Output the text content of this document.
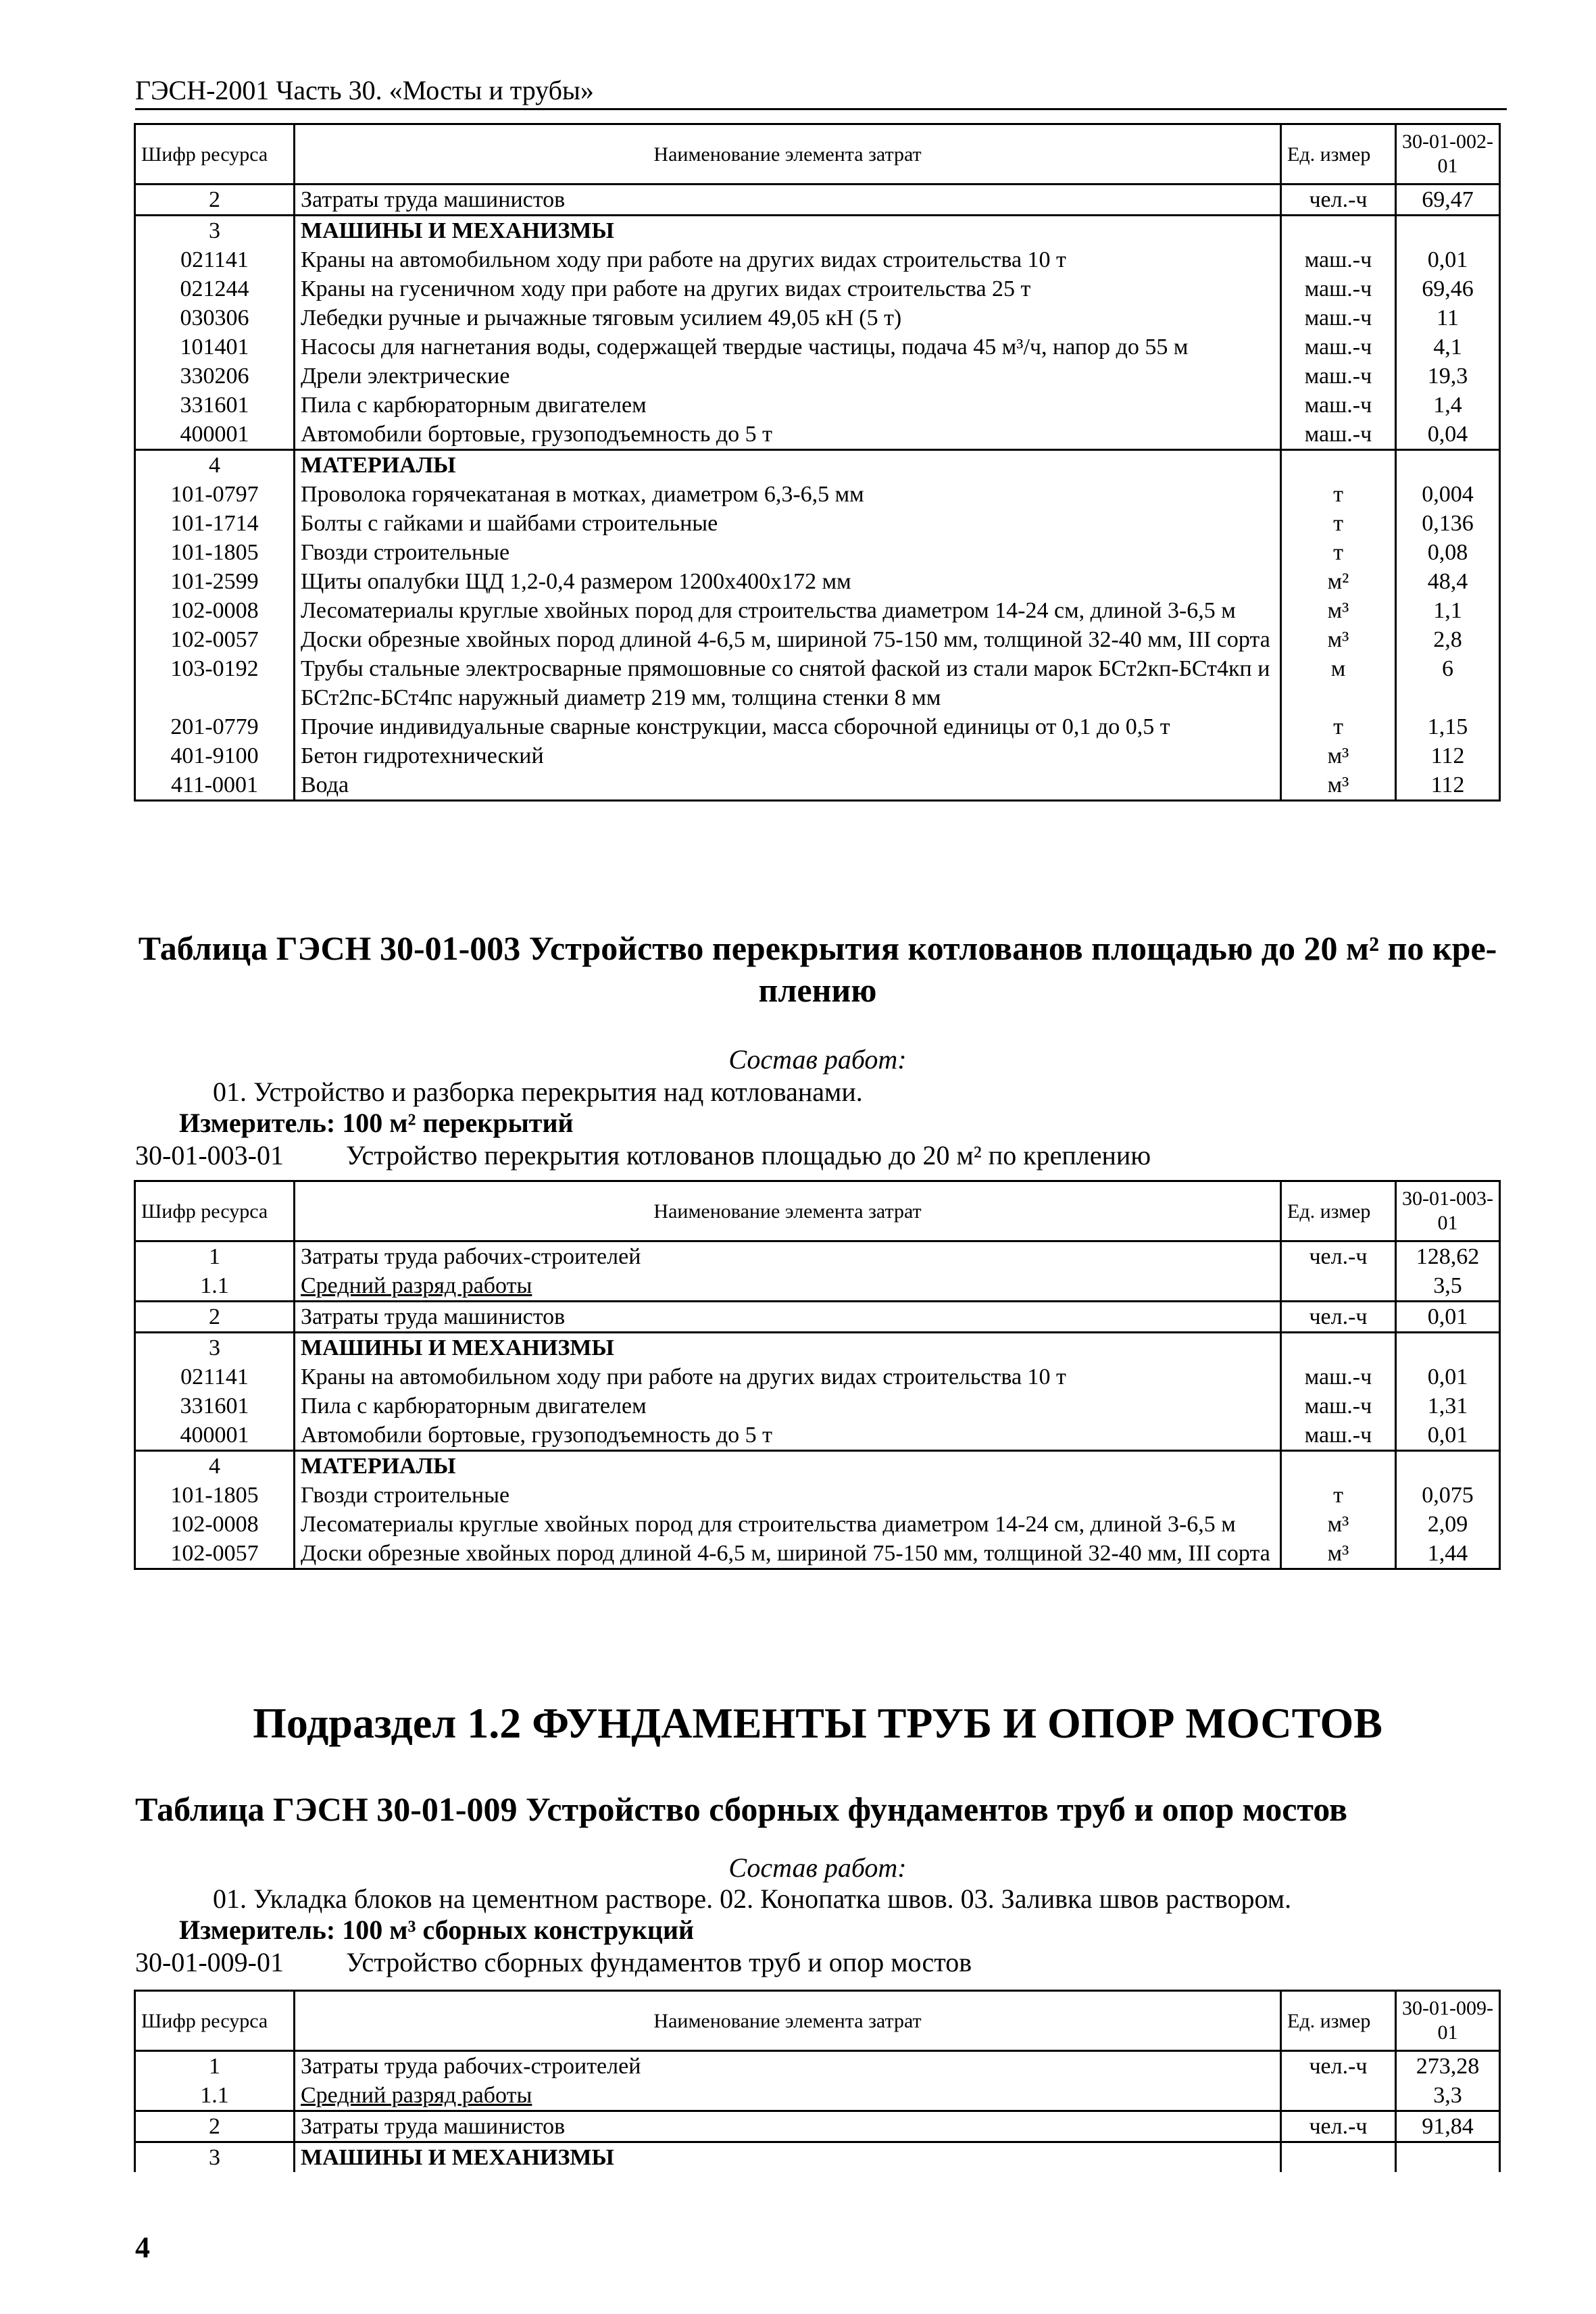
ГЭСН-2001 Часть 30. «Мосты и трубы»
Шифр ресурса	Наименование элемента затрат	Ед. измер	30-01-002-01
2	Затраты труда машинистов	чел.-ч	69,47
3	МАШИНЫ И МЕХАНИЗМЫ		
021141	Краны на автомобильном ходу при работе на других видах строительства 10 т	маш.-ч	0,01
021244	Краны на гусеничном ходу при работе на других видах строительства 25 т	маш.-ч	69,46
030306	Лебедки ручные и рычажные тяговым усилием 49,05 кН (5 т)	маш.-ч	11
101401	Насосы для нагнетания воды, содержащей твердые частицы, подача 45 м³/ч, напор до 55 м	маш.-ч	4,1
330206	Дрели электрические	маш.-ч	19,3
331601	Пила с карбюраторным двигателем	маш.-ч	1,4
400001	Автомобили бортовые, грузоподъемность до 5 т	маш.-ч	0,04
4	МАТЕРИАЛЫ		
101-0797	Проволока горячекатаная в мотках, диаметром 6,3-6,5 мм	т	0,004
101-1714	Болты с гайками и шайбами строительные	т	0,136
101-1805	Гвозди строительные	т	0,08
101-2599	Щиты опалубки ЩД 1,2-0,4 размером 1200х400х172 мм	м²	48,4
102-0008	Лесоматериалы круглые хвойных пород для строительства диаметром 14-24 см, длиной 3-6,5 м	м³	1,1
102-0057	Доски обрезные хвойных пород длиной 4-6,5 м, шириной 75-150 мм, толщиной 32-40 мм, III сорта	м³	2,8
103-0192	Трубы стальные электросварные прямошовные со снятой фаской из стали марок БСт2кп-БСт4кп и БСт2пс-БСт4пс наружный диаметр 219 мм, толщина стенки 8 мм	м	6
201-0779	Прочие индивидуальные сварные конструкции, масса сборочной единицы от 0,1 до 0,5 т	т	1,15
401-9100	Бетон гидротехнический	м³	112
411-0001	Вода	м³	112
Таблица ГЭСН 30-01-003 Устройство перекрытия котлованов площадью до 20 м² по кре-
плению
Состав работ:
01. Устройство и разборка перекрытия над котлованами.
Измеритель: 100 м² перекрытий
30-01-003-01 Устройство перекрытия котлованов площадью до 20 м² по креплению
Шифр ресурса	Наименование элемента затрат	Ед. измер	30-01-003-01
1	Затраты труда рабочих-строителей	чел.-ч	128,62
1.1	Средний разряд работы		3,5
2	Затраты труда машинистов	чел.-ч	0,01
3	МАШИНЫ И МЕХАНИЗМЫ		
021141	Краны на автомобильном ходу при работе на других видах строительства 10 т	маш.-ч	0,01
331601	Пила с карбюраторным двигателем	маш.-ч	1,31
400001	Автомобили бортовые, грузоподъемность до 5 т	маш.-ч	0,01
4	МАТЕРИАЛЫ		
101-1805	Гвозди строительные	т	0,075
102-0008	Лесоматериалы круглые хвойных пород для строительства диаметром 14-24 см, длиной 3-6,5 м	м³	2,09
102-0057	Доски обрезные хвойных пород длиной 4-6,5 м, шириной 75-150 мм, толщиной 32-40 мм, III сорта	м³	1,44
Подраздел 1.2 ФУНДАМЕНТЫ ТРУБ И ОПОР МОСТОВ
Таблица ГЭСН 30-01-009 Устройство сборных фундаментов труб и опор мостов
Состав работ:
01. Укладка блоков на цементном растворе. 02. Конопатка швов. 03. Заливка швов раствором.
Измеритель: 100 м³ сборных конструкций
30-01-009-01 Устройство сборных фундаментов труб и опор мостов
Шифр ресурса	Наименование элемента затрат	Ед. измер	30-01-009-01
1	Затраты труда рабочих-строителей	чел.-ч	273,28
1.1	Средний разряд работы		3,3
2	Затраты труда машинистов	чел.-ч	91,84
3	МАШИНЫ И МЕХАНИЗМЫ		
4
